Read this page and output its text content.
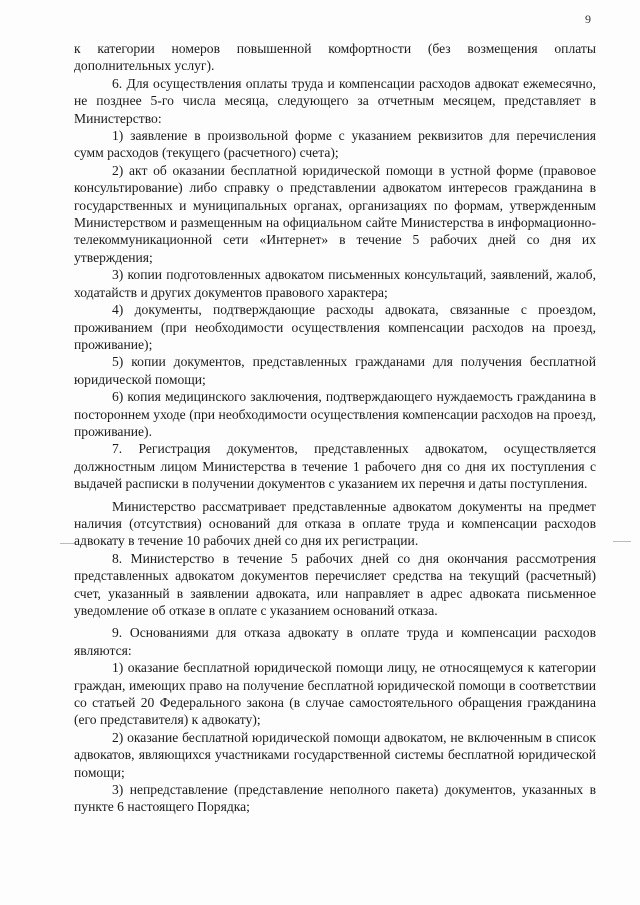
9

к категории номеров повышенной комфортности (без возмещения оплаты дополнительных услуг).

6. Для осуществления оплаты труда и компенсации расходов адвокат ежемесячно, не позднее 5-го числа месяца, следующего за отчетным месяцем, представляет в Министерство:

1) заявление в произвольной форме с указанием реквизитов для перечисления сумм расходов (текущего (расчетного) счета);

2) акт об оказании бесплатной юридической помощи в устной форме (правовое консультирование) либо справку о представлении адвокатом интересов гражданина в государственных и муниципальных органах, организациях по формам, утвержденным Министерством и размещенным на официальном сайте Министерства в информационно-телекоммуникационной сети «Интернет» в течение 5 рабочих дней со дня их утверждения;

3) копии подготовленных адвокатом письменных консультаций, заявлений, жалоб, ходатайств и других документов правового характера;

4) документы, подтверждающие расходы адвоката, связанные с проездом, проживанием (при необходимости осуществления компенсации расходов на проезд, проживание);

5) копии документов, представленных гражданами для получения бесплатной юридической помощи;

6) копия медицинского заключения, подтверждающего нуждаемость гражданина в постороннем уходе (при необходимости осуществления компенсации расходов на проезд, проживание).

7. Регистрация документов, представленных адвокатом, осуществляется должностным лицом Министерства в течение 1 рабочего дня со дня их поступления с выдачей расписки в получении документов с указанием их перечня и даты поступления.

Министерство рассматривает представленные адвокатом документы на предмет наличия (отсутствия) оснований для отказа в оплате труда и компенсации расходов адвокату в течение 10 рабочих дней со дня их регистрации.

8. Министерство в течение 5 рабочих дней со дня окончания рассмотрения представленных адвокатом документов перечисляет средства на текущий (расчетный) счет, указанный в заявлении адвоката, или направляет в адрес адвоката письменное уведомление об отказе в оплате с указанием оснований отказа.

9. Основаниями для отказа адвокату в оплате труда и компенсации расходов являются:

1) оказание бесплатной юридической помощи лицу, не относящемуся к категории граждан, имеющих право на получение бесплатной юридической помощи в соответствии со статьей 20 Федерального закона (в случае самостоятельного обращения гражданина (его представителя) к адвокату);

2) оказание бесплатной юридической помощи адвокатом, не включенным в список адвокатов, являющихся участниками государственной системы бесплатной юридической помощи;

3) непредставление (представление неполного пакета) документов, указанных в пункте 6 настоящего Порядка;
